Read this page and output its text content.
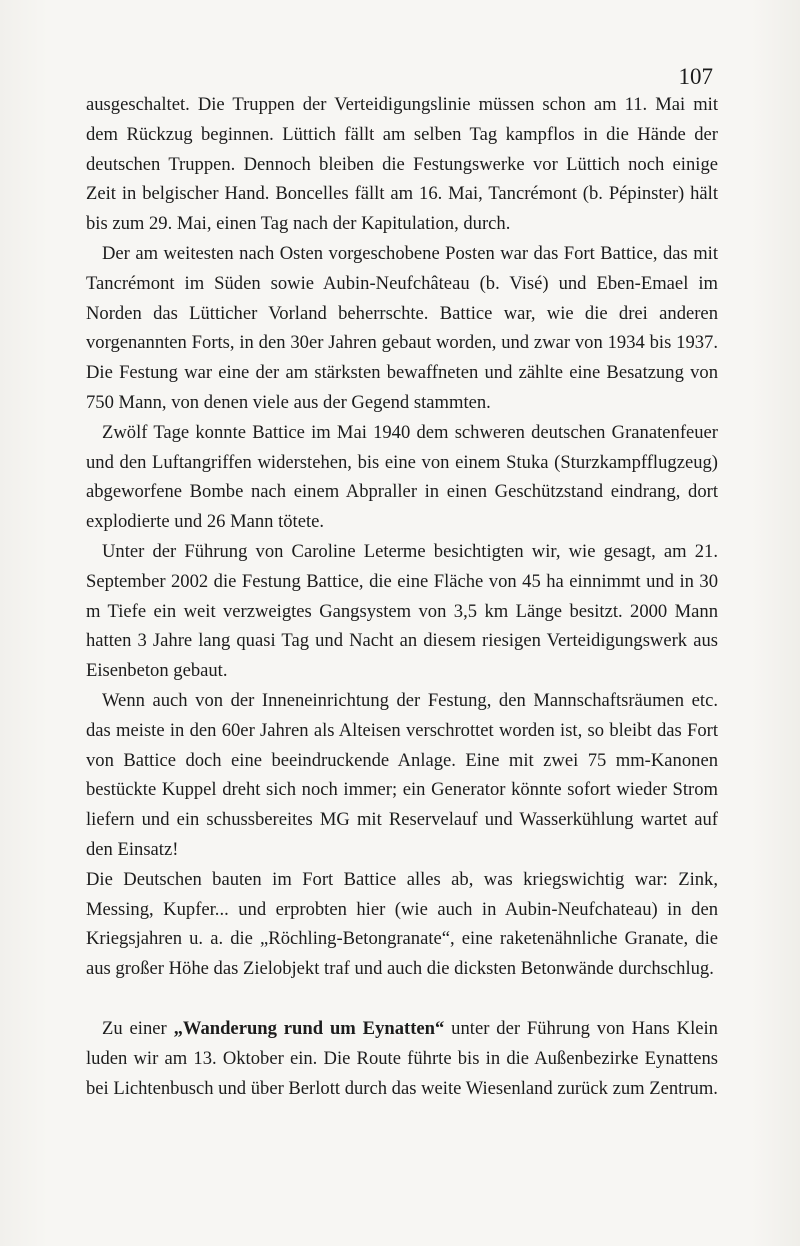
107

ausgeschaltet. Die Truppen der Verteidigungslinie müssen schon am 11. Mai mit dem Rückzug beginnen. Lüttich fällt am selben Tag kampflos in die Hände der deutschen Truppen. Dennoch bleiben die Festungswerke vor Lüttich noch einige Zeit in belgischer Hand. Boncelles fällt am 16. Mai, Tancrémont (b. Pépinster) hält bis zum 29. Mai, einen Tag nach der Kapitulation, durch.

Der am weitesten nach Osten vorgeschobene Posten war das Fort Battice, das mit Tancrémont im Süden sowie Aubin-Neufchâteau (b. Visé) und Eben-Emael im Norden das Lütticher Vorland beherrschte. Battice war, wie die drei anderen vorgenannten Forts, in den 30er Jahren gebaut worden, und zwar von 1934 bis 1937. Die Festung war eine der am stärksten bewaffneten und zählte eine Besatzung von 750 Mann, von denen viele aus der Gegend stammten.

Zwölf Tage konnte Battice im Mai 1940 dem schweren deutschen Granatenfeuer und den Luftangriffen widerstehen, bis eine von einem Stuka (Sturzkampfflugzeug) abgeworfene Bombe nach einem Abpraller in einen Geschützstand eindrang, dort explodierte und 26 Mann tötete.

Unter der Führung von Caroline Leterme besichtigten wir, wie gesagt, am 21. September 2002 die Festung Battice, die eine Fläche von 45 ha einnimmt und in 30 m Tiefe ein weit verzweigtes Gangsystem von 3,5 km Länge besitzt. 2000 Mann hatten 3 Jahre lang quasi Tag und Nacht an diesem riesigen Verteidigungswerk aus Eisenbeton gebaut.

Wenn auch von der Inneneinrichtung der Festung, den Mannschaftsräumen etc. das meiste in den 60er Jahren als Alteisen verschrottet worden ist, so bleibt das Fort von Battice doch eine beeindruckende Anlage. Eine mit zwei 75 mm-Kanonen bestückte Kuppel dreht sich noch immer; ein Generator könnte sofort wieder Strom liefern und ein schussbereites MG mit Reservelauf und Wasserkühlung wartet auf den Einsatz!

Die Deutschen bauten im Fort Battice alles ab, was kriegswichtig war: Zink, Messing, Kupfer... und erprobten hier (wie auch in Aubin-Neufchateau) in den Kriegsjahren u. a. die „Röchling-Betongranate“, eine raketenähnliche Granate, die aus großer Höhe das Zielobjekt traf und auch die dicksten Betonwände durchschlug.

Zu einer „Wanderung rund um Eynatten“ unter der Führung von Hans Klein luden wir am 13. Oktober ein. Die Route führte bis in die Außenbezirke Eynattens bei Lichtenbusch und über Berlott durch das weite Wiesenland zurück zum Zentrum.
